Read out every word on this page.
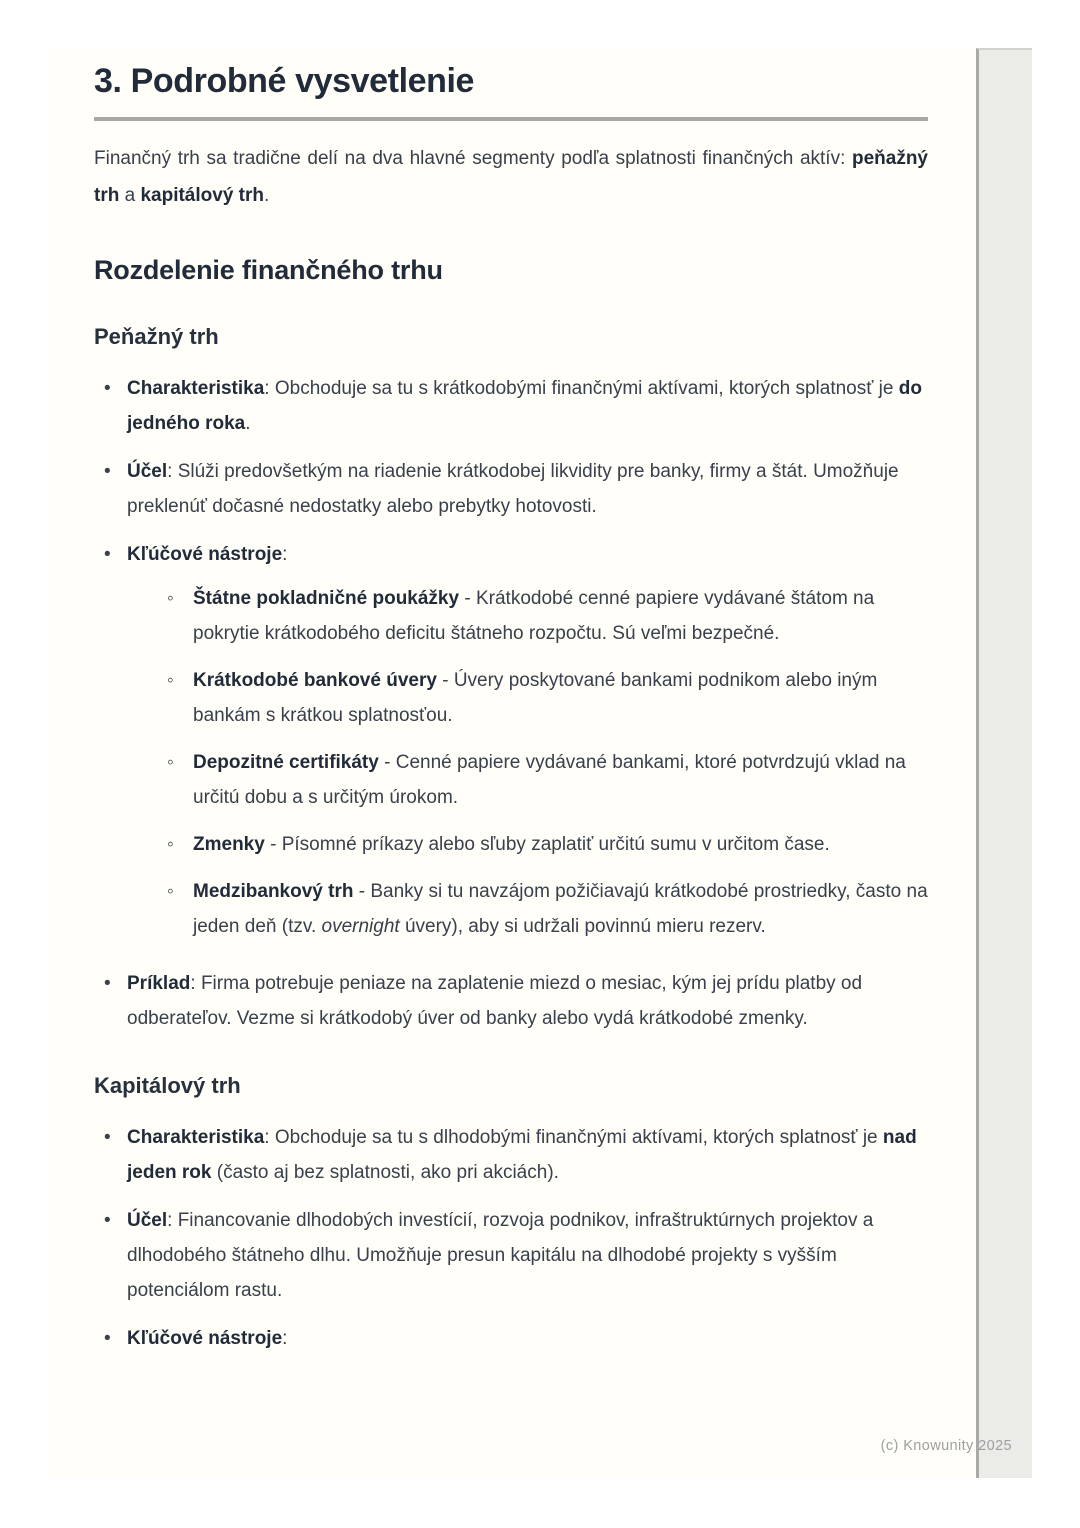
3. Podrobné vysvetlenie

Finančný trh sa tradične delí na dva hlavné segmenty podľa splatnosti finančných aktív: peňažný trh a kapitálový trh.

Rozdelenie finančného trhu
Peňažný trh
• Charakteristika: Obchoduje sa tu s krátkodobými finančnými aktívami, ktorých splatnosť je do jedného roka.
• Účel: Slúži predovšetkým na riadenie krátkodobej likvidity pre banky, firmy a štát. Umožňuje preklenúť dočasné nedostatky alebo prebytky hotovosti.
• Kľúčové nástroje:
◦ Štátne pokladničné poukážky - Krátkodobé cenné papiere vydávané štátom na pokrytie krátkodobého deficitu štátneho rozpočtu. Sú veľmi bezpečné.
◦ Krátkodobé bankové úvery - Úvery poskytované bankami podnikom alebo iným bankám s krátkou splatnosťou.
◦ Depozitné certifikáty - Cenné papiere vydávané bankami, ktoré potvrdzujú vklad na určitú dobu a s určitým úrokom.
◦ Zmenky - Písomné príkazy alebo sľuby zaplatiť určitú sumu v určitom čase.
◦ Medzibankový trh - Banky si tu navzájom požičiavajú krátkodobé prostriedky, často na jeden deň (tzv. overnight úvery), aby si udržali povinnú mieru rezerv.
• Príklad: Firma potrebuje peniaze na zaplatenie miezd o mesiac, kým jej prídu platby od odberateľov. Vezme si krátkodobý úver od banky alebo vydá krátkodobé zmenky.
Kapitálový trh
• Charakteristika: Obchoduje sa tu s dlhodobými finančnými aktívami, ktorých splatnosť je nad jeden rok (často aj bez splatnosti, ako pri akciách).
• Účel: Financovanie dlhodobých investícií, rozvoja podnikov, infraštruktúrnych projektov a dlhodobého štátneho dlhu. Umožňuje presun kapitálu na dlhodobé projekty s vyšším potenciálom rastu.
• Kľúčové nástroje:
(c) Knowunity 2025
